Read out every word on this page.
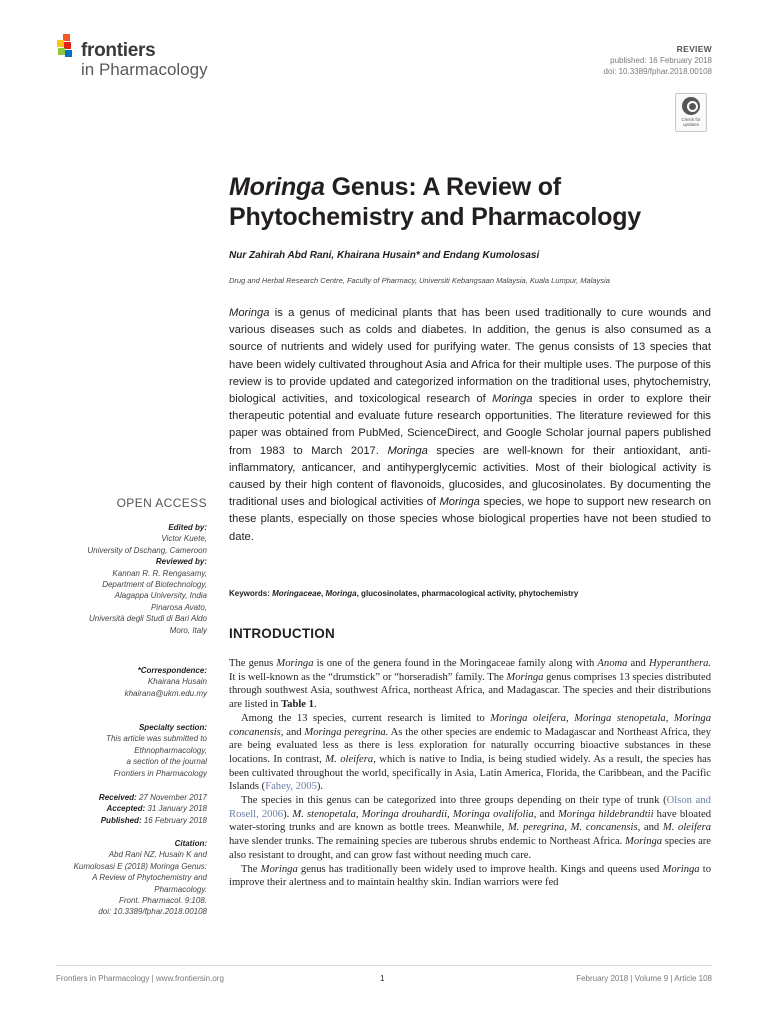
frontiers
in Pharmacology
REVIEW
published: 16 February 2018
doi: 10.3389/fphar.2018.00108
Check for updates
Moringa Genus: A Review of
Phytochemistry and Pharmacology
Nur Zahirah Abd Rani, Khairana Husain* and Endang Kumolosasi
Drug and Herbal Research Centre, Faculty of Pharmacy, Universiti Kebangsaan Malaysia, Kuala Lumpur, Malaysia
Moringa is a genus of medicinal plants that has been used traditionally to cure wounds and various diseases such as colds and diabetes. In addition, the genus is also consumed as a source of nutrients and widely used for purifying water. The genus consists of 13 species that have been widely cultivated throughout Asia and Africa for their multiple uses. The purpose of this review is to provide updated and categorized information on the traditional uses, phytochemistry, biological activities, and toxicological research of Moringa species in order to explore their therapeutic potential and evaluate future research opportunities. The literature reviewed for this paper was obtained from PubMed, ScienceDirect, and Google Scholar journal papers published from 1983 to March 2017. Moringa species are well-known for their antioxidant, anti-inflammatory, anticancer, and antihyperglycemic activities. Most of their biological activity is caused by their high content of flavonoids, glucosides, and glucosinolates. By documenting the traditional uses and biological activities of Moringa species, we hope to support new research on these plants, especially on those species whose biological properties have not been studied to date.
Keywords: Moringaceae, Moringa, glucosinolates, pharmacological activity, phytochemistry
INTRODUCTION

The genus Moringa is one of the genera found in the Moringaceae family along with Anoma and Hyperanthera. It is well-known as the “drumstick” or “horseradish” family. The Moringa genus comprises 13 species distributed through southwest Asia, southwest Africa, northeast Africa, and Madagascar. The species and their distributions are listed in Table 1.

Among the 13 species, current research is limited to Moringa oleifera, Moringa stenopetala, Moringa concanensis, and Moringa peregrina. As the other species are endemic to Madagascar and Northeast Africa, they are being evaluated less as there is less exploration for naturally occurring bioactive substances in these locations. In contrast, M. oleifera, which is native to India, is being studied widely. As a result, the species has been cultivated throughout the world, specifically in Asia, Latin America, Florida, the Caribbean, and the Pacific Islands (Fahey, 2005).

The species in this genus can be categorized into three groups depending on their type of trunk (Olson and Rosell, 2006). M. stenopetala, Moringa drouhardii, Moringa ovalifolia, and Moringa hildebrandtii have bloated water-storing trunks and are known as bottle trees. Meanwhile, M. peregrina, M. concanensis, and M. oleifera have slender trunks. The remaining species are tuberous shrubs endemic to Northeast Africa. Moringa species are also resistant to drought, and can grow fast without needing much care.

The Moringa genus has traditionally been widely used to improve health. Kings and queens used Moringa to improve their alertness and to maintain healthy skin. Indian warriors were fed

OPEN ACCESS
Edited by:
Victor Kuete,
University of Dschang, Cameroon
Reviewed by:
Kannan R. R. Rengasamy,
Department of Biotechnology,
Alagappa University, India
Pinarosa Avato,
Università degli Studi di Bari Aldo
Moro, Italy
*Correspondence:
Khairana Husain
khairana@ukm.edu.my
Specialty section:
This article was submitted to
Ethnopharmacology,
a section of the journal
Frontiers in Pharmacology
Received: 27 November 2017
Accepted: 31 January 2018
Published: 16 February 2018
Citation:
Abd Rani NZ, Husain K and
Kumolosasi E (2018) Moringa Genus:
A Review of Phytochemistry and
Pharmacology.
Front. Pharmacol. 9:108.
doi: 10.3389/fphar.2018.00108
Frontiers in Pharmacology | www.frontiersin.org	1	February 2018 | Volume 9 | Article 108
